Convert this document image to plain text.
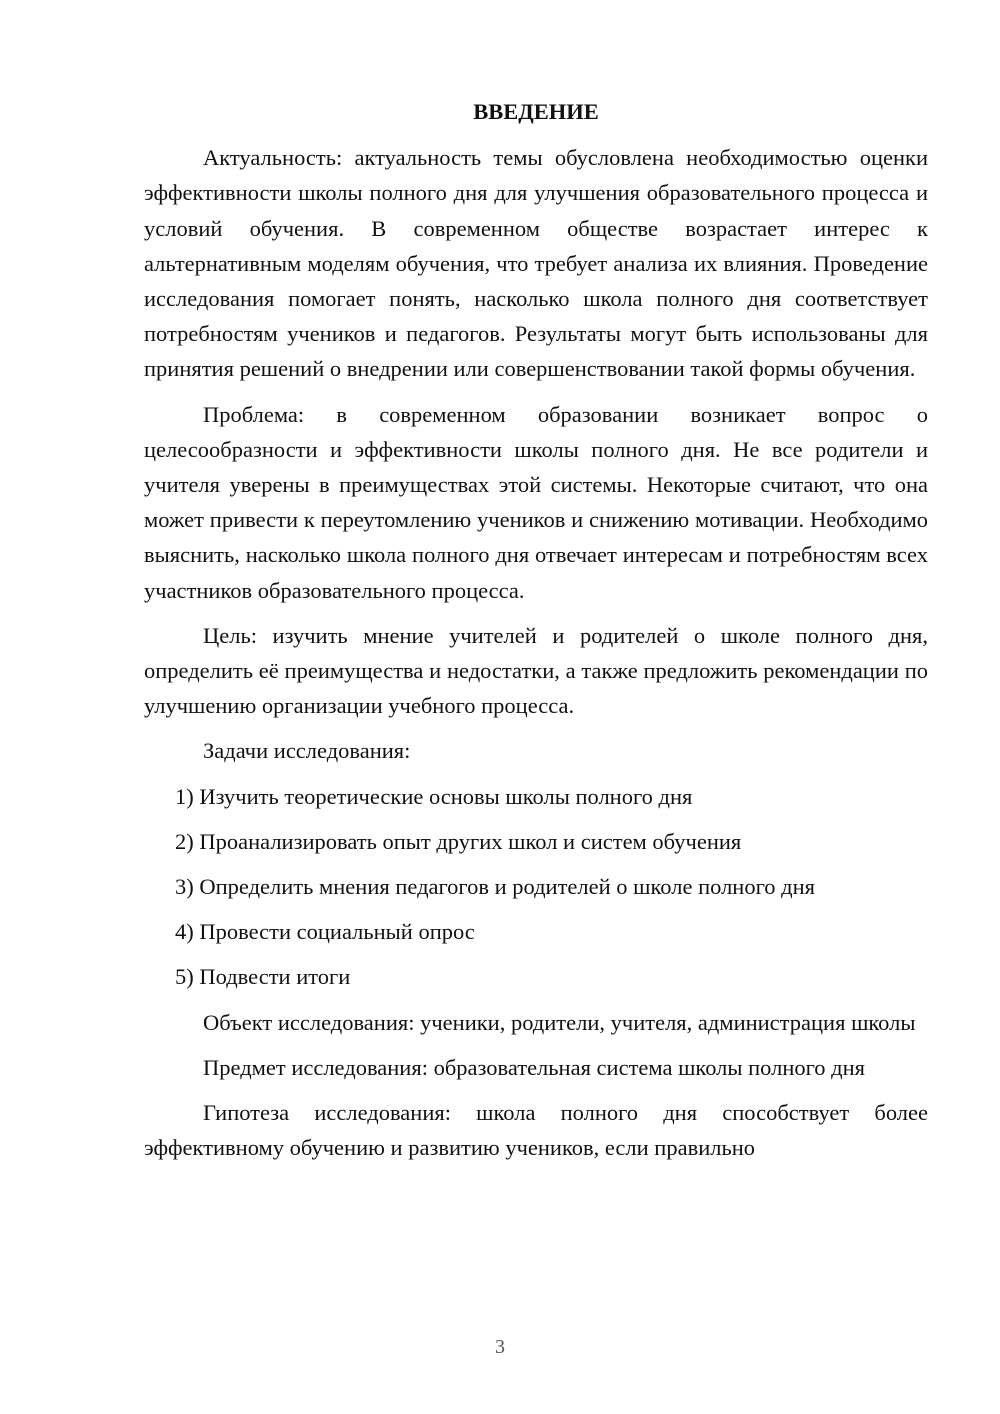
ВВЕДЕНИЕ

Актуальность: актуальность темы обусловлена необходимостью оценки эффективности школы полного дня для улучшения образовательного процесса и условий обучения. В современном обществе возрастает интерес к альтернативным моделям обучения, что требует анализа их влияния. Проведение исследования помогает понять, насколько школа полного дня соответствует потребностям учеников и педагогов. Результаты могут быть использованы для принятия решений о внедрении или совершенствовании такой формы обучения.

Проблема: в современном образовании возникает вопрос о целесообразности и эффективности школы полного дня. Не все родители и учителя уверены в преимуществах этой системы. Некоторые считают, что она может привести к переутомлению учеников и снижению мотивации. Необходимо выяснить, насколько школа полного дня отвечает интересам и потребностям всех участников образовательного процесса.

Цель: изучить мнение учителей и родителей о школе полного дня, определить её преимущества и недостатки, а также предложить рекомендации по улучшению организации учебного процесса.

Задачи исследования:

1) Изучить теоретические основы школы полного дня
2) Проанализировать опыт других школ и систем обучения
3) Определить мнения педагогов и родителей о школе полного дня
4) Провести социальный опрос
5) Подвести итоги

Объект исследования: ученики, родители, учителя, администрация школы

Предмет исследования: образовательная система школы полного дня

Гипотеза исследования: школа полного дня способствует более эффективному обучению и развитию учеников, если правильно

3
